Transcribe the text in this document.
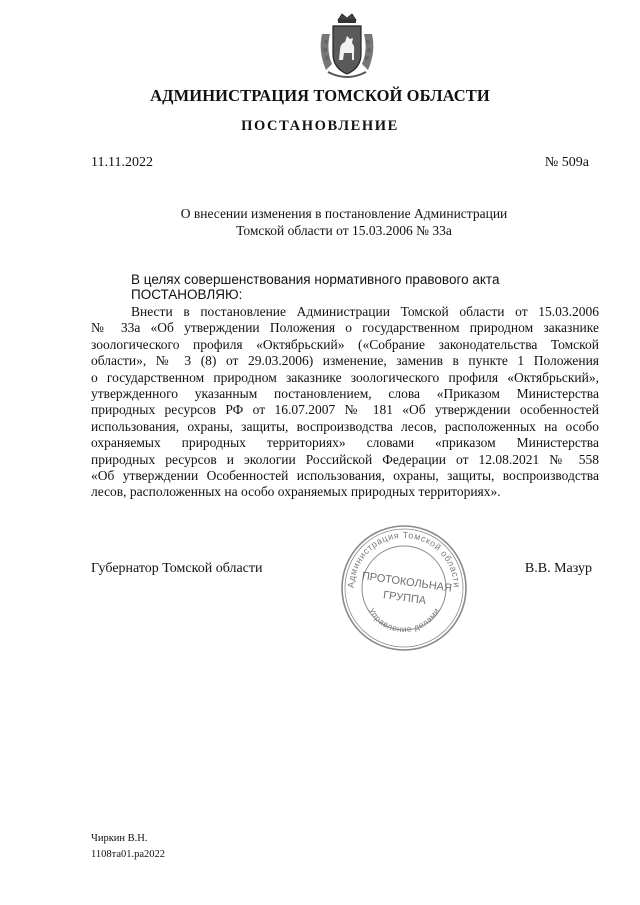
АДМИНИСТРАЦИЯ ТОМСКОЙ ОБЛАСТИ
ПОСТАНОВЛЕНИЕ
11.11.2022	№ 509а
О внесении изменения в постановление Администрации
Томской области от 15.03.2006 № 33а
В целях совершенствования нормативного правового акта
ПОСТАНОВЛЯЮ:
Внести в постановление Администрации Томской области от 15.03.2006
№ 33а «Об утверждении Положения о государственном природном заказнике
зоологического профиля «Октябрьский» («Собрание законодательства Томской
области», № 3 (8) от 29.03.2006) изменение, заменив в пункте 1 Положения
о государственном природном заказнике зоологического профиля «Октябрьский»,
утвержденного указанным постановлением, слова «Приказом Министерства
природных ресурсов РФ от 16.07.2007 № 181 «Об утверждении особенностей
использования, охраны, защиты, воспроизводства лесов, расположенных на особо
охраняемых природных территориях» словами «приказом Министерства
природных ресурсов и экологии Российской Федерации от 12.08.2021 № 558
«Об утверждении Особенностей использования, охраны, защиты, воспроизводства
лесов, расположенных на особо охраняемых природных территориях».
Губернатор Томской области	В.В. Мазур
Администрация Томской области
Управление делами
ПРОТОКОЛЬНАЯ
ГРУППА
Чиркин В.Н.
1108та01.ра2022
